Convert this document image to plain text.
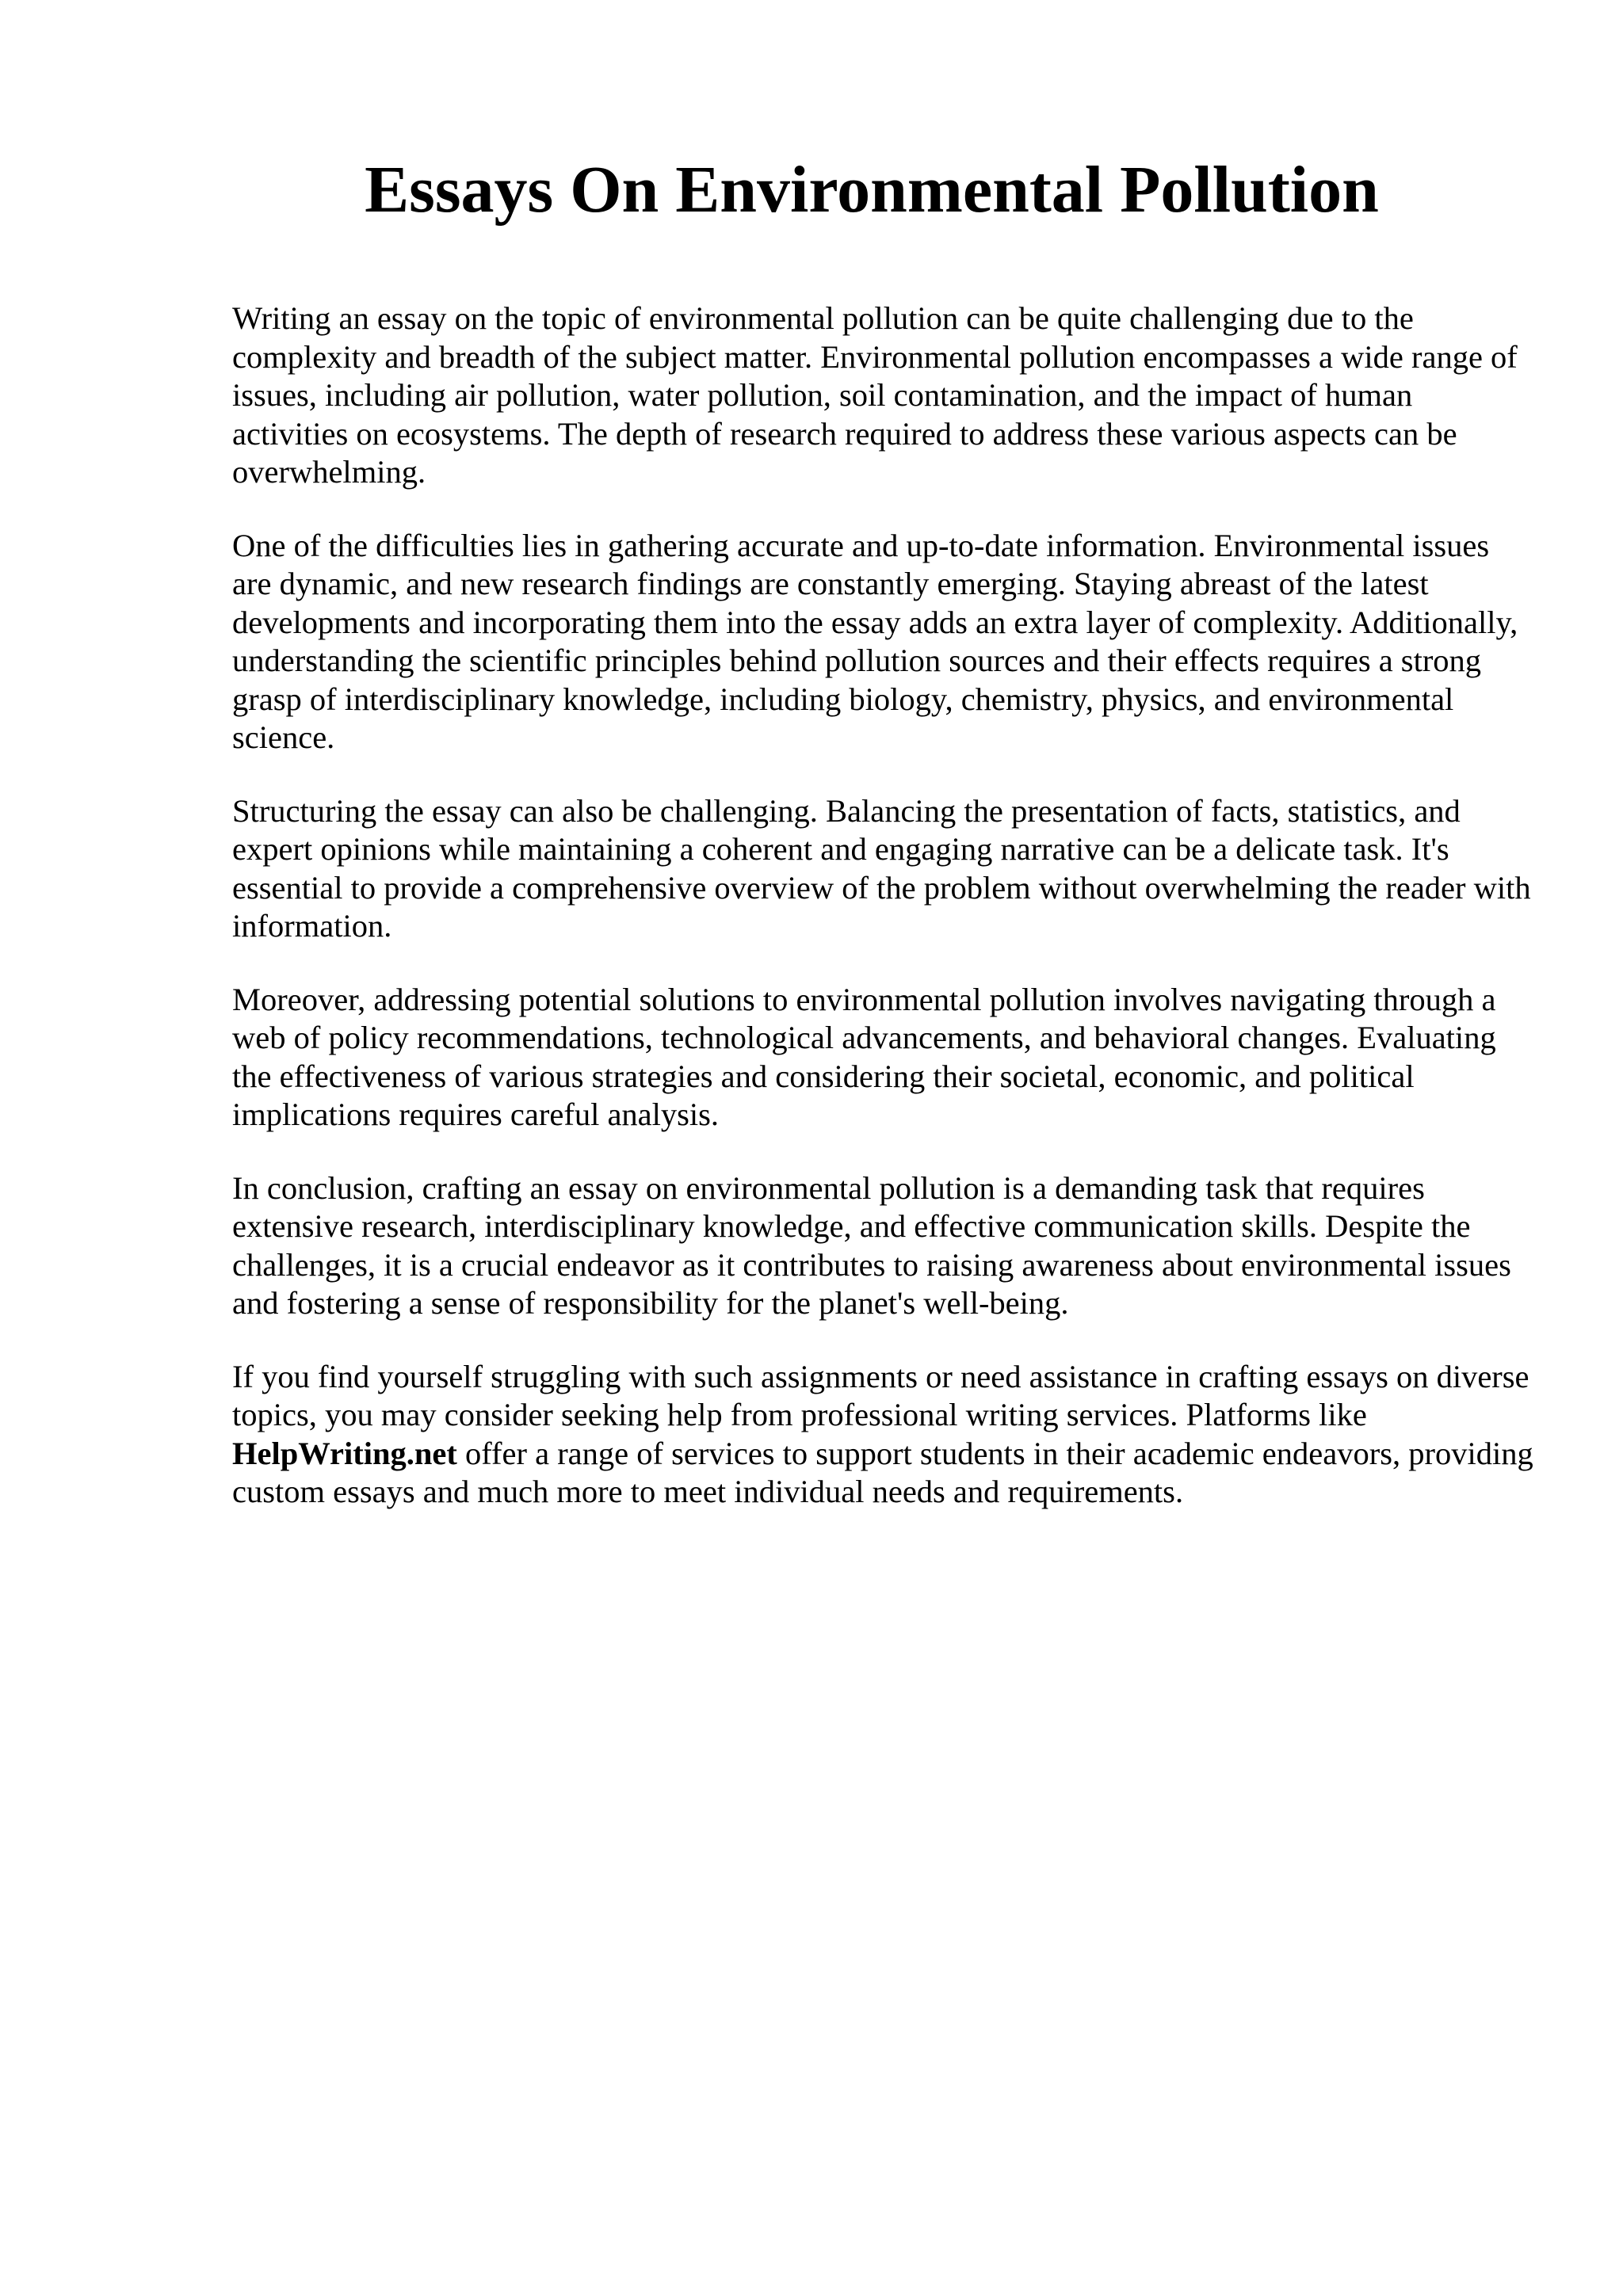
Essays On Environmental Pollution

Writing an essay on the topic of environmental pollution can be quite challenging due to the complexity and breadth of the subject matter. Environmental pollution encompasses a wide range of issues, including air pollution, water pollution, soil contamination, and the impact of human activities on ecosystems. The depth of research required to address these various aspects can be overwhelming.

One of the difficulties lies in gathering accurate and up-to-date information. Environmental issues are dynamic, and new research findings are constantly emerging. Staying abreast of the latest developments and incorporating them into the essay adds an extra layer of complexity. Additionally, understanding the scientific principles behind pollution sources and their effects requires a strong grasp of interdisciplinary knowledge, including biology, chemistry, physics, and environmental science.

Structuring the essay can also be challenging. Balancing the presentation of facts, statistics, and expert opinions while maintaining a coherent and engaging narrative can be a delicate task. It's essential to provide a comprehensive overview of the problem without overwhelming the reader with information.

Moreover, addressing potential solutions to environmental pollution involves navigating through a web of policy recommendations, technological advancements, and behavioral changes. Evaluating the effectiveness of various strategies and considering their societal, economic, and political implications requires careful analysis.

In conclusion, crafting an essay on environmental pollution is a demanding task that requires extensive research, interdisciplinary knowledge, and effective communication skills. Despite the challenges, it is a crucial endeavor as it contributes to raising awareness about environmental issues and fostering a sense of responsibility for the planet's well-being.

If you find yourself struggling with such assignments or need assistance in crafting essays on diverse topics, you may consider seeking help from professional writing services. Platforms like HelpWriting.net offer a range of services to support students in their academic endeavors, providing custom essays and much more to meet individual needs and requirements.
